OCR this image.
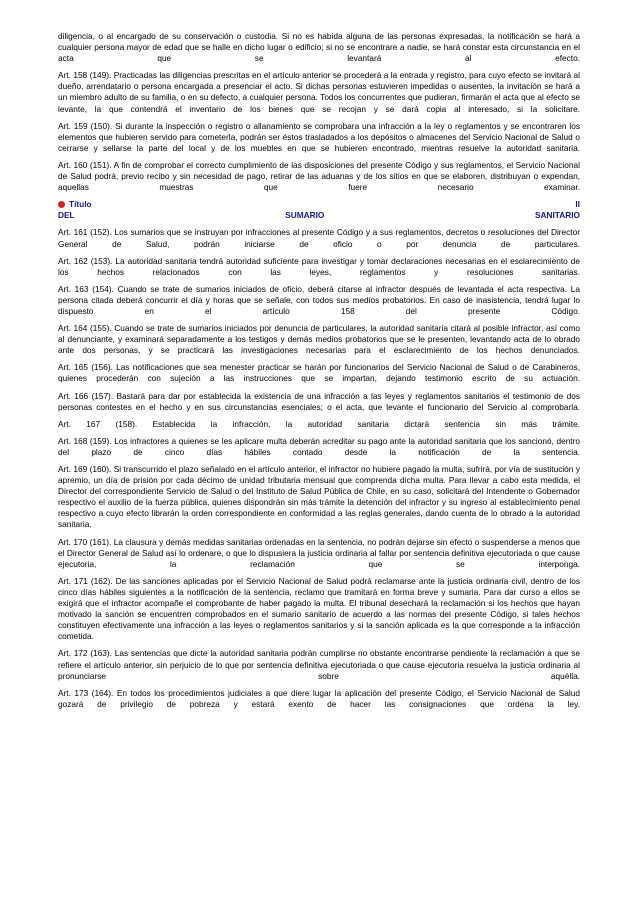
diligencia, o al encargado de su conservación o custodia. Si no es habida alguna de las personas expresadas, la notificación se hará a cualquier persona mayor de edad que se halle en dicho lugar o edificio; si no se encontrare a nadie, se hará constar esta circunstancia en el acta que se levantará al efecto.

Art. 158 (149). Practicadas las diligencias prescritas en el artículo anterior se procederá a la entrada y registro, para cuyo efecto se invitará al dueño, arrendatario o persona encargada a presenciar el acto. Si dichas personas estuvieren impedidas o ausentes, la invitación se hará a un miembro adulto de su familia, o en su defecto, a cualquier persona. Todos los concurrentes que pudieran, firmarán el acta que al efecto se levante, la que contendrá el inventario de los bienes que se recojan y se dará copia al interesado, si la solicitare.

Art. 159 (150). Si durante la inspección o registro o allanamiento se comprobara una infracción a la ley o reglamentos y se encontraren los elementos que hubieren servido para cometerla, podrán ser éstos trasladados a los depósitos o almacenes del Servicio Nacional de Salud o cerrarse y sellarse la parte del local y de los muebles en que se hubieren encontrado, mientras resuelve la autoridad sanitaria.

Art. 160 (151). A fin de comprobar el correcto cumplimiento de las disposiciones del presente Código y sus reglamentos, el Servicio Nacional de Salud podrá, previo recibo y sin necesidad de pago, retirar de las aduanas y de los sitios en que se elaboren, distribuyan o expendan, aquellas muestras que fuere necesario examinar.

Título	II
DEL	SUMARIO	SANITARIO

Art. 161 (152). Los sumarios que se instruyan por infracciones al presente Código y a sus reglamentos, decretos o resoluciones del Director General de Salud, podrán iniciarse de oficio o por denuncia de particulares.

Art. 162 (153). La autoridad sanitaria tendrá autoridad suficiente para investigar y tomar declaraciones necesarias en el esclarecimiento de los hechos relacionados con las leyes, reglamentos y resoluciones sanitarias.

Art. 163 (154). Cuando se trate de sumarios iniciados de oficio, deberá citarse al infractor después de levantada el acta respectiva. La persona citada deberá concurrir el día y horas que se señale, con todos sus medios probatorios. En caso de inasistencia, tendrá lugar lo dispuesto en el artículo 158 del presente Código.

Art. 164 (155). Cuando se trate de sumarios iniciados por denuncia de particulares, la autoridad sanitaria citará al posible infractor, así como al denunciante, y examinará separadamente a los testigos y demás medios probatorios que se le presenten, levantando acta de lo obrado ante dos personas, y se practicará las investigaciones necesarias para el esclarecimiento de los hechos denunciados.

Art. 165 (156). Las notificaciones que sea menester practicar se harán por funcionarios del Servicio Nacional de Salud o de Carabineros, quienes procederán con sujeción a las instrucciones que se impartan, dejando testimonio escrito de su actuación.

Art. 166 (157). Bastará para dar por establecida la existencia de una infracción a las leyes y reglamentos sanitarios el testimonio de dos personas contestes en el hecho y en sus circunstancias esenciales; o el acta, que levante el funcionario del Servicio al comprobarla.

Art. 167 (158). Establecida la infracción, la autoridad sanitaria dictará sentencia sin más trámite.

Art. 168 (159). Los infractores a quienes se les aplicare multa deberán acreditar su pago ante la autoridad sanitaria que los sancionó, dentro del plazo de cinco días hábiles contado desde la notificación de la sentencia.

Art. 169 (160). Si transcurrido el plazo señalado en el artículo anterior, el infractor no hubiere pagado la multa, sufrirá, por vía de sustitución y apremio, un día de prisión por cada décimo de unidad tributaria mensual que comprenda dicha multa. Para llevar a cabo esta medida, el Director del correspondiente Servicio de Salud o del Instituto de Salud Pública de Chile, en su caso, solicitará del Intendente o Gobernador respectivo el auxilio de la fuerza pública, quienes dispondrán sin más trámite la detención del infractor y su ingreso al establecimiento penal respectivo a cuyo efecto librarán la orden correspondiente en conformidad a las reglas generales, dando cuenta de lo obrado a la autoridad sanitaria.

Art. 170 (161). La clausura y demás medidas sanitarias ordenadas en la sentencia, no podrán dejarse sin efecto o suspenderse a menos que el Director General de Salud así lo ordenare, o que lo dispusiera la justicia ordinaria al fallar por sentencia definitiva ejecutoriada o que cause ejecutoria, la reclamación que se interponga.

Art. 171 (162). De las sanciones aplicadas por el Servicio Nacional de Salud podrá reclamarse ante la justicia ordinaria civil, dentro de los cinco días hábiles siguientes a la notificación de la sentencia, reclamo que tramitará en forma breve y sumaria. Para dar curso a ellos se exigirá que el infractor acompañe el comprobante de haber pagado la multa. El tribunal desechará la reclamación si los hechos que hayan motivado la sanción se encuentren comprobados en el sumario sanitario de acuerdo a las normas del presente Código, si tales hechos constituyen efectivamente una infracción a las leyes o reglamentos sanitarios y si la sanción aplicada es la que corresponde a la infracción cometida.

Art. 172 (163). Las sentencias que dicte la autoridad sanitaria podrán cumplirse no obstante encontrarse pendiente la reclamación a que se refiere el artículo anterior, sin perjuicio de lo que por sentencia definitiva ejecutoriada o que cause ejecutoria resuelva la justicia ordinaria al pronunciarse sobre aquélla.

Art. 173 (164). En todos los procedimientos judiciales a que diere lugar la aplicación del presente Código, el Servicio Nacional de Salud gozará de privilegio de pobreza y estará exento de hacer las consignaciones que ordena la ley.
